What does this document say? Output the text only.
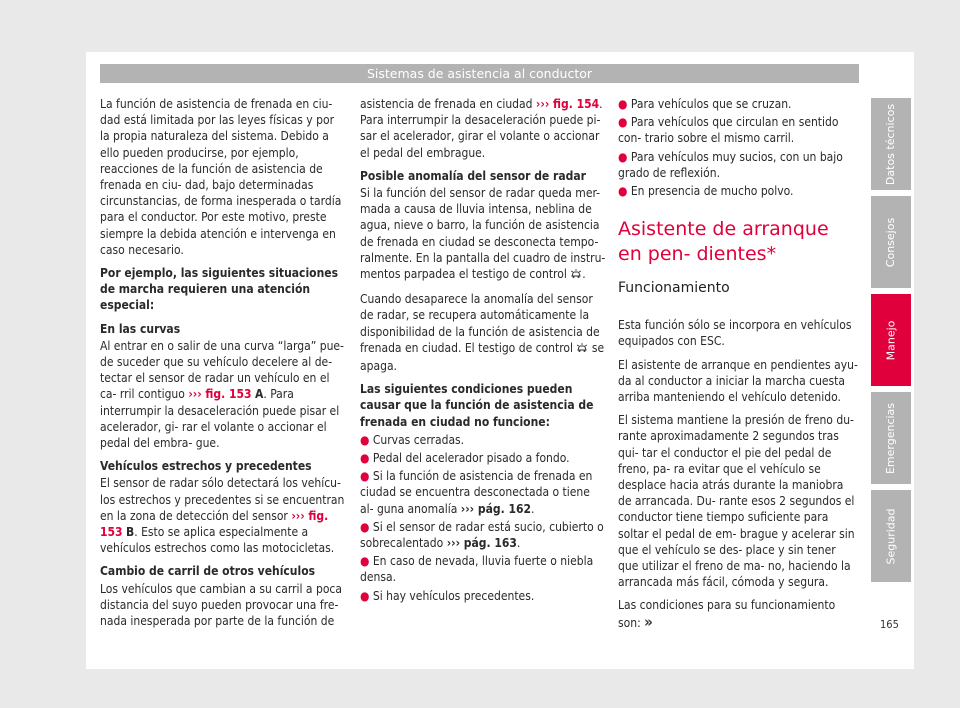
Sistemas de asistencia al conductor

La función de asistencia de frenada en ciu- dad está limitada por las leyes físicas y por la propia naturaleza del sistema. Debido a ello pueden producirse, por ejemplo, reacciones de la función de asistencia de frenada en ciu- dad, bajo determinadas circunstancias, de forma inesperada o tardía para el conductor. Por este motivo, preste siempre la debida atención e intervenga en caso necesario.

Por ejemplo, las siguientes situaciones de marcha requieren una atención especial:

En las curvas

Al entrar en o salir de una curva “larga” pue- de suceder que su vehículo decelere al de- tectar el sensor de radar un vehículo en el ca- rril contiguo ››› fig. 153 A. Para interrumpir la desaceleración puede pisar el acelerador, gi- rar el volante o accionar el pedal del embra- gue.

Vehículos estrechos y precedentes

El sensor de radar sólo detectará los vehícu- los estrechos y precedentes si se encuentran en la zona de detección del sensor ››› fig. 153 B. Esto se aplica especialmente a vehículos estrechos como las motocicletas.

Cambio de carril de otros vehículos

Los vehículos que cambian a su carril a poca distancia del suyo pueden provocar una fre- nada inesperada por parte de la función de

asistencia de frenada en ciudad ››› fig. 154. Para interrumpir la desaceleración puede pi- sar el acelerador, girar el volante o accionar el pedal del embrague.

Posible anomalía del sensor de radar

Si la función del sensor de radar queda mer- mada a causa de lluvia intensa, neblina de agua, nieve o barro, la función de asistencia de frenada en ciudad se desconecta tempo- ralmente. En la pantalla del cuadro de instru- mentos parpadea el testigo de control .

Cuando desaparece la anomalía del sensor de radar, se recupera automáticamente la disponibilidad de la función de asistencia de frenada en ciudad. El testigo de control se apaga.

Las siguientes condiciones pueden causar que la función de asistencia de frenada en ciudad no funcione:

● Curvas cerradas.

● Pedal del acelerador pisado a fondo.

● Si la función de asistencia de frenada en ciudad se encuentra desconectada o tiene al- guna anomalía ››› pág. 162.

● Si el sensor de radar está sucio, cubierto o sobrecalentado ››› pág. 163.

● En caso de nevada, lluvia fuerte o niebla densa.

● Si hay vehículos precedentes.

● Para vehículos que se cruzan.

● Para vehículos que circulan en sentido con- trario sobre el mismo carril.

● Para vehículos muy sucios, con un bajo grado de reflexión.

● En presencia de mucho polvo.

Asistente de arranque en pen- dientes*
Funcionamiento

Esta función sólo se incorpora en vehículos equipados con ESC.

El asistente de arranque en pendientes ayu- da al conductor a iniciar la marcha cuesta arriba manteniendo el vehículo detenido.

El sistema mantiene la presión de freno du- rante aproximadamente 2 segundos tras qui- tar el conductor el pie del pedal de freno, pa- ra evitar que el vehículo se desplace hacia atrás durante la maniobra de arrancada. Du- rante esos 2 segundos el conductor tiene tiempo suficiente para soltar el pedal de em- brague y acelerar sin que el vehículo se des- place y sin tener que utilizar el freno de ma- no, haciendo la arrancada más fácil, cómoda y segura.

Las condiciones para su funcionamiento son: »

Datos técnicos
Consejos
Manejo
Emergencias
Seguridad
165
